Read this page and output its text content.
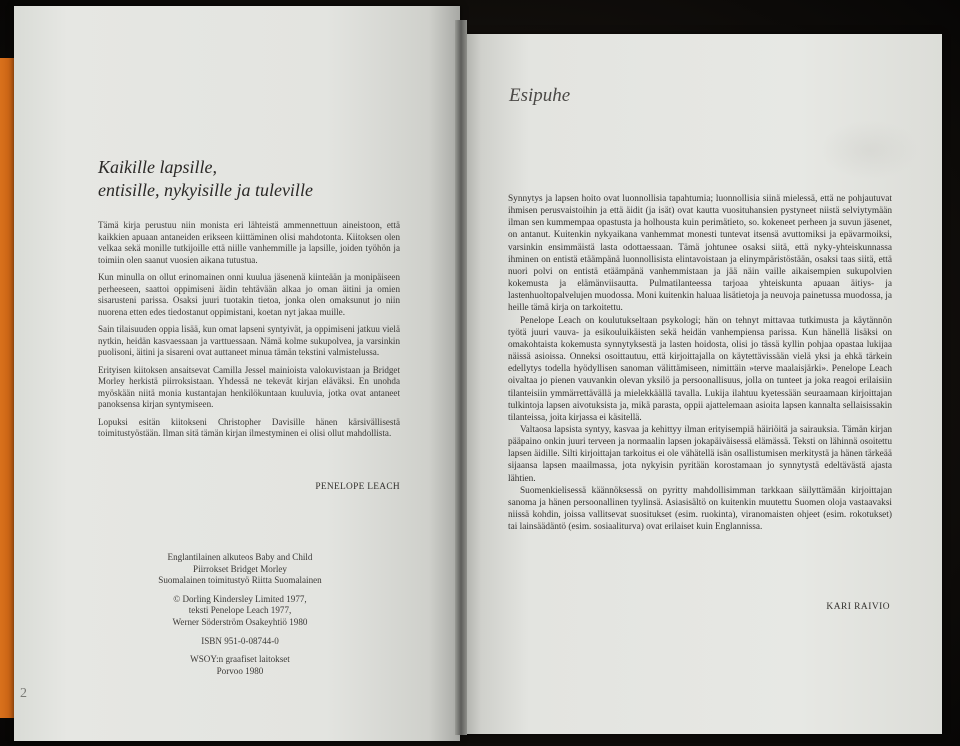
Kaikille lapsille,
entisille, nykyisille ja tuleville

Tämä kirja perustuu niin monista eri lähteistä ammennettuun aineistoon, että kaikkien apuaan antaneiden erikseen kiittäminen olisi mahdotonta. Kiitoksen olen velkaa sekä monille tutkijoille että niille vanhemmille ja lapsille, joiden työhön ja toimiin olen saanut vuosien aikana tutustua.

Kun minulla on ollut erinomainen onni kuulua jäsenenä kiinteään ja monipäiseen perheeseen, saattoi oppimiseni äidin tehtävään alkaa jo oman äitini ja omien sisarusteni parissa. Osaksi juuri tuotakin tietoa, jonka olen omaksunut jo niin nuorena etten edes tiedostanut oppimistani, koetan nyt jakaa muille.

Sain tilaisuuden oppia lisää, kun omat lapseni syntyivät, ja oppimiseni jatkuu vielä nytkin, heidän kasvaessaan ja varttuessaan. Nämä kolme sukupolvea, ja varsinkin puolisoni, äitini ja sisareni ovat auttaneet minua tämän tekstini valmistelussa.

Erityisen kiitoksen ansaitsevat Camilla Jessel mainioista valokuvistaan ja Bridget Morley herkistä piirroksistaan. Yhdessä ne tekevät kirjan eläväksi. En unohda myöskään niitä monia kustantajan henkilökuntaan kuuluvia, jotka ovat antaneet panoksensa kirjan syntymiseen.

Lopuksi esitän kiitokseni Christopher Davisille hänen kärsivällisestä toimitustyöstään. Ilman sitä tämän kirjan ilmestyminen ei olisi ollut mahdollista.

PENELOPE LEACH
Englantilainen alkuteos Baby and Child
Piirrokset Bridget Morley
Suomalainen toimitustyö Riitta Suomalainen
© Dorling Kindersley Limited 1977,
teksti Penelope Leach 1977,
Werner Söderström Osakeyhtiö 1980
ISBN 951-0-08744-0
WSOY:n graafiset laitokset
Porvoo 1980
2
Esipuhe

Synnytys ja lapsen hoito ovat luonnollisia tapahtumia; luonnollisia siinä mielessä, että ne pohjautuvat ihmisen perusvaistoihin ja että äidit (ja isät) ovat kautta vuosituhansien pystyneet niistä selviytymään ilman sen kummempaa opastusta ja holhousta kuin perimätieto, so. kokeneet perheen ja suvun jäsenet, on antanut. Kuitenkin nykyaikana vanhemmat monesti tuntevat itsensä avuttomiksi ja epävarmoiksi, varsinkin ensimmäistä lasta odottaessaan. Tämä johtunee osaksi siitä, että nyky-yhteiskunnassa ihminen on entistä etäämpänä luonnollisista elintavoistaan ja elinympäristöstään, osaksi taas siitä, että nuori polvi on entistä etäämpänä vanhemmistaan ja jää näin vaille aikaisempien sukupolvien kokemusta ja elämänviisautta. Pulmatilanteessa tarjoaa yhteiskunta apuaan äitiys- ja lastenhuoltopalvelujen muodossa. Moni kuitenkin haluaa lisätietoja ja neuvoja painetussa muodossa, ja heille tämä kirja on tarkoitettu.

Penelope Leach on koulutukseltaan psykologi; hän on tehnyt mittavaa tutkimusta ja käytännön työtä juuri vauva- ja esikouluikäisten sekä heidän vanhempiensa parissa. Kun hänellä lisäksi on omakohtaista kokemusta synnytyksestä ja lasten hoidosta, olisi jo tässä kyllin pohjaa opastaa lukijaa näissä asioissa. Onneksi osoittautuu, että kirjoittajalla on käytettävissään vielä yksi ja ehkä tärkein edellytys todella hyödyllisen sanoman välittämiseen, nimittäin »terve maalaisjärki». Penelope Leach oivaltaa jo pienen vauvankin olevan yksilö ja persoonallisuus, jolla on tunteet ja joka reagoi erilaisiin tilanteisiin ymmärrettävällä ja mielekkäällä tavalla. Lukija ilahtuu kyetessään seuraamaan kirjoittajan tulkintoja lapsen aivotuksista ja, mikä parasta, oppii ajattelemaan asioita lapsen kannalta sellaisissakin tilanteissa, joita kirjassa ei käsitellä.

Valtaosa lapsista syntyy, kasvaa ja kehittyy ilman erityisempiä häiriöitä ja sairauksia. Tämän kirjan pääpaino onkin juuri terveen ja normaalin lapsen jokapäiväisessä elämässä. Teksti on lähinnä osoitettu lapsen äidille. Silti kirjoittajan tarkoitus ei ole vähätellä isän osallistumisen merkitystä ja hänen tärkeää sijaansa lapsen maailmassa, jota nykyisin pyritään korostamaan jo synnytystä edeltävästä ajasta lähtien.

Suomenkielisessä käännöksessä on pyritty mahdollisimman tarkkaan säilyttämään kirjoittajan sanoma ja hänen persoonallinen tyylinsä. Asiasisältö on kuitenkin muutettu Suomen oloja vastaavaksi niissä kohdin, joissa vallitsevat suositukset (esim. ruokinta), viranomaisten ohjeet (esim. rokotukset) tai lainsäädäntö (esim. sosiaaliturva) ovat erilaiset kuin Englannissa.

KARI RAIVIO
